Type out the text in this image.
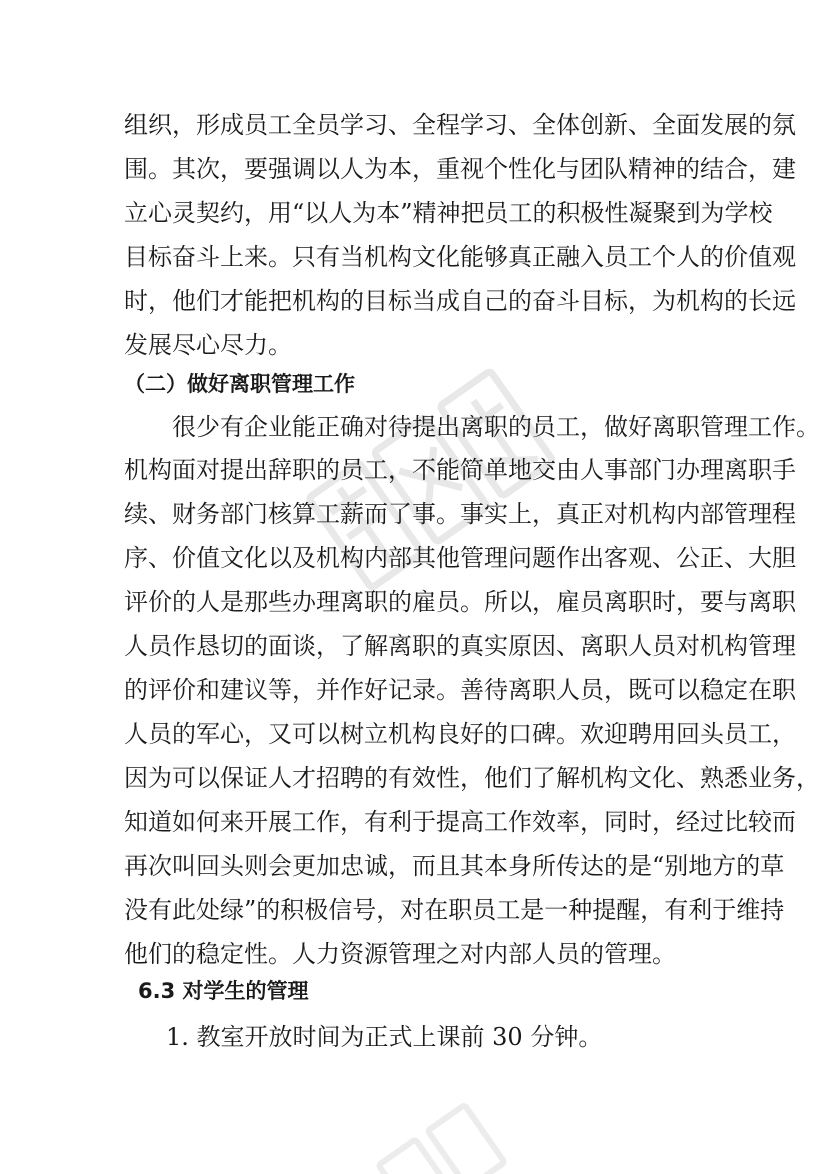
组织，形成员工全员学习、全程学习、全体创新、全面发展的氛
围。其次，要强调以人为本，重视个性化与团队精神的结合，建
立心灵契约，用“以人为本”精神把员工的积极性凝聚到为学校
目标奋斗上来。只有当机构文化能够真正融入员工个人的价值观
时，他们才能把机构的目标当成自己的奋斗目标，为机构的长远
发展尽心尽力。
（二）做好离职管理工作
很少有企业能正确对待提出离职的员工，做好离职管理工作。
机构面对提出辞职的员工，不能简单地交由人事部门办理离职手
续、财务部门核算工薪而了事。事实上，真正对机构内部管理程
序、价值文化以及机构内部其他管理问题作出客观、公正、大胆
评价的人是那些办理离职的雇员。所以，雇员离职时，要与离职
人员作恳切的面谈，了解离职的真实原因、离职人员对机构管理
的评价和建议等，并作好记录。善待离职人员，既可以稳定在职
人员的军心，又可以树立机构良好的口碑。欢迎聘用回头员工，
因为可以保证人才招聘的有效性，他们了解机构文化、熟悉业务，
知道如何来开展工作，有利于提高工作效率，同时，经过比较而
再次叫回头则会更加忠诚，而且其本身所传达的是“别地方的草
没有此处绿”的积极信号，对在职员工是一种提醒，有利于维持
他们的稳定性。人力资源管理之对内部人员的管理。
6.3 对学生的管理
1. 教室开放时间为正式上课前 30 分钟。
